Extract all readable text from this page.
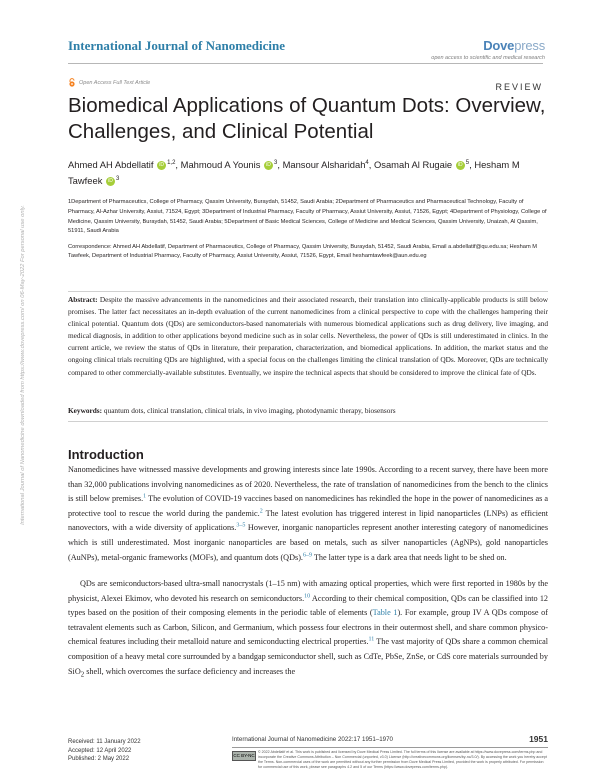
International Journal of Nanomedicine	Dovepress
open access to scientific and medical research
Open Access Full Text Article	REVIEW
Biomedical Applications of Quantum Dots: Overview, Challenges, and Clinical Potential
Ahmed AH Abdellatif iD $^{1,2}$, Mahmoud A Younis iD $^3$, Mansour Alsharidah$^4$, Osamah Al Rugaie iD $^5$, Hesham M Tawfeek iD $^3$
1Department of Pharmaceutics, College of Pharmacy, Qassim University, Buraydah, 51452, Saudi Arabia; 2Department of Pharmaceutics and Pharmaceutical Technology, Faculty of Pharmacy, Al-Azhar University, Assiut, 71524, Egypt; 3Department of Industrial Pharmacy, Faculty of Pharmacy, Assiut University, Assiut, 71526, Egypt; 4Department of Physiology, College of Medicine, Qassim University, Buraydah, 51452, Saudi Arabia; 5Department of Basic Medical Sciences, College of Medicine and Medical Sciences, Qassim University, Unaizah, Al Qassim, 51911, Saudi Arabia
Correspondence: Ahmed AH Abdellatif, Department of Pharmaceutics, College of Pharmacy, Qassim University, Buraydah, 51452, Saudi Arabia, Email a.abdellatif@qu.edu.sa; Hesham M Tawfeek, Department of Industrial Pharmacy, Faculty of Pharmacy, Assiut University, Assiut, 71526, Egypt, Email heshamtawfeek@aun.edu.eg
International Journal of Nanomedicine downloaded from https://www.dovepress.com/ on 06-May-2022 For personal use only.	Abstract: Despite the massive advancements in the nanomedicines and their associated research, their translation into clinically-applicable products is still below promises. The latter fact necessitates an in-depth evaluation of the current nanomedicines from a clinical perspective to cope with the challenges hampering their clinical potential. Quantum dots (QDs) are semiconductors-based nanomaterials with numerous biomedical applications such as drug delivery, live imaging, and medical diagnosis, in addition to other applications beyond medicine such as in solar cells. Nevertheless, the power of QDs is still underestimated in clinics. In the current article, we review the status of QDs in literature, their preparation, characterization, and biomedical applications. In addition, the market status and the ongoing clinical trials recruiting QDs are highlighted, with a special focus on the challenges limiting the clinical translation of QDs. Moreover, QDs are technically compared to other commercially-available substitutes. Eventually, we inspire the technical aspects that should be considered to improve the clinical fate of QDs.
Keywords: quantum dots, clinical translation, clinical trials, in vivo imaging, photodynamic therapy, biosensors
Introduction
Nanomedicines have witnessed massive developments and growing interests since late 1990s. According to a recent survey, there have been more than 32,000 publications involving nanomedicines as of 2020. Nevertheless, the rate of translation of nanomedicines from the bench to the clinics is still below premises.$^1$ The evolution of COVID-19 vaccines based on nanomedicines has rekindled the hope in the power of nanomedicines as a protective tool to rescue the world during the pandemic.$^2$ The latest evolution has triggered interest in lipid nanoparticles (LNPs) as efficient nanovectors, with a wide diversity of applications.$^{3-5}$ However, inorganic nanoparticles represent another interesting category of nanomedicines which is still underestimated. Most inorganic nanoparticles are based on metals, such as silver nanoparticles (AgNPs), gold nanoparticles (AuNPs), metal-organic frameworks (MOFs), and quantum dots (QDs).$^{6-9}$ The latter type is a dark area that needs light to be shed on.
QDs are semiconductors-based ultra-small nanocrystals (1–15 nm) with amazing optical properties, which were first reported in 1980s by the physicist, Alexei Ekimov, who devoted his research on semiconductors.$^{10}$ According to their chemical composition, QDs can be classified into 12 types based on the position of their composing elements in the periodic table of elements (Table 1). For example, group IV A QDs compose of tetravalent elements such as Carbon, Silicon, and Germanium, which possess four electrons in their outermost shell, and share common physico-chemical features including their metalloid nature and semiconducting electrical properties.$^{11}$ The vast majority of QDs share a common chemical composition of a heavy metal core surrounded by a bandgap semiconductor shell, such as CdTe, PbSe, ZnSe, or CdS core materials surrounded by SiO$_2$ shell, which overcomes the surface deficiency and increases the
International Journal of Nanomedicine 2022:17 1951–1970	1951
Received: 11 January 2022
Accepted: 12 April 2022
Published: 2 May 2022
CC BY-NC
© 2022 Abdellatif et al. This work is published and licensed by Dove Medical Press Limited. The full terms of this license are available at https://www.dovepress.com/terms.php and incorporate the Creative Commons Attribution – Non Commercial (unported, v3.0) License (http://creativecommons.org/licenses/by-nc/3.0/). By accessing the work you hereby accept the Terms. Non-commercial uses of the work are permitted without any further permission from Dove Medical Press Limited, provided the work is properly attributed. For permission for commercial use of this work, please see paragraphs 4.2 and 5 of our Terms (https://www.dovepress.com/terms.php).
